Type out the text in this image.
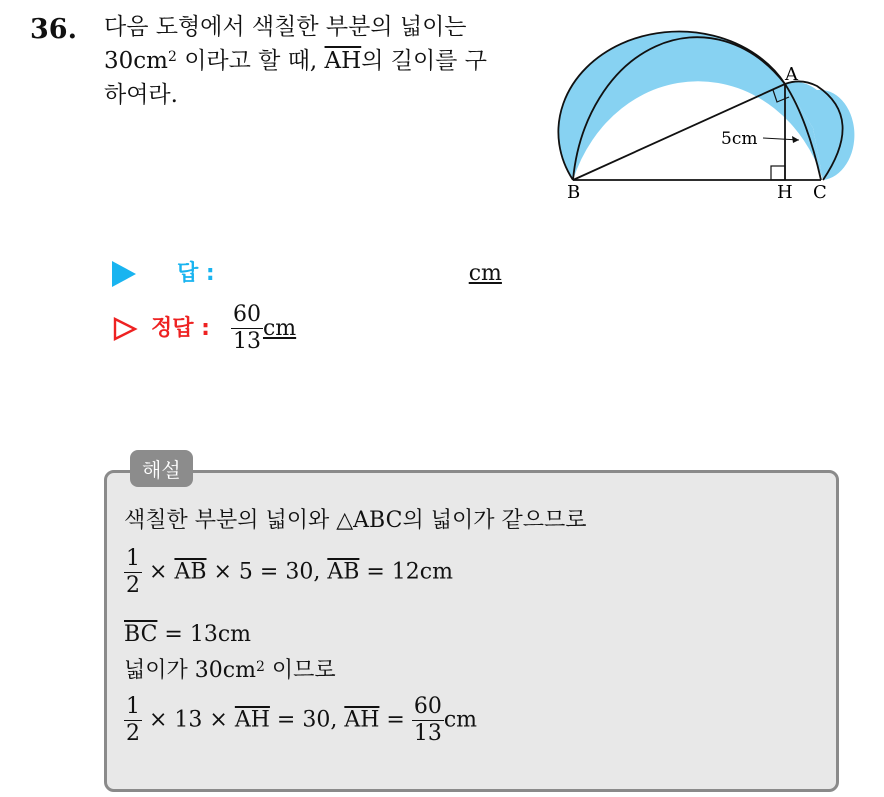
36. 다음 도형에서 색칠한 부분의 넓이는
$30cm^2$ 이라고 할 때, $\overline{AH}$의 길이를 구
하여라.
A
B	H C
5cm
답 :	cm
정답 : $\frac{60}{13}$ cm
해설
색칠한 부분의 넓이와 △ABC의 넓이가 같으므로
$\frac{1}{2} \times \overline{AB} \times 5 = 30$, $\overline{AB} = 12cm$
$\overline{BC} = 13cm$
넓이가 $30cm^2$ 이므로
$\frac{1}{2} \times 13 \times \overline{AH} = 30$, $\overline{AH} = \frac{60}{13}$ cm
